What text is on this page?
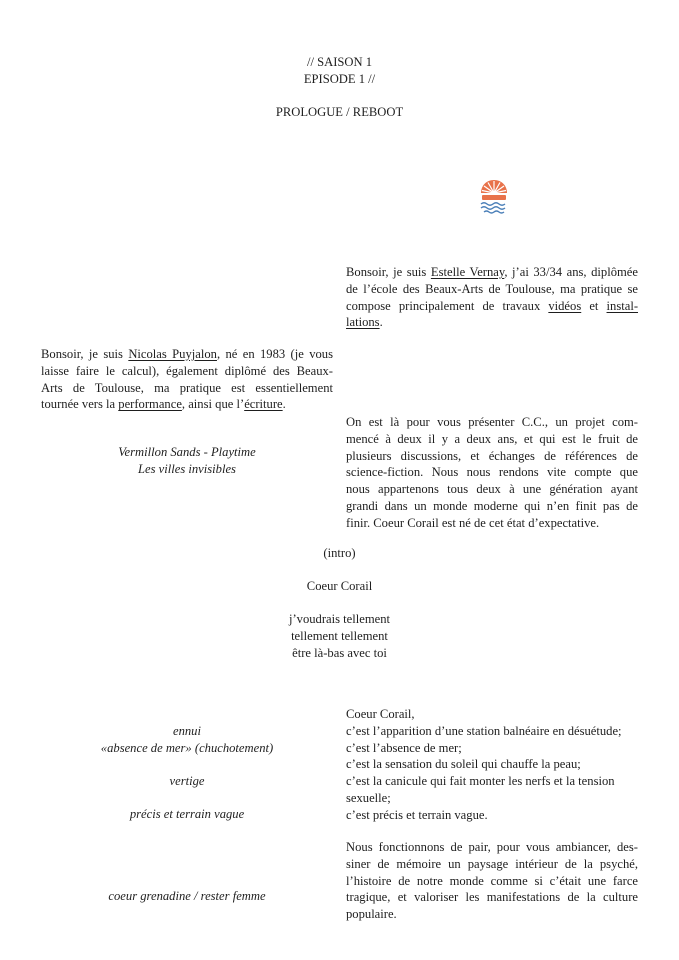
// SAISON 1
EPISODE 1 //
PROLOGUE / REBOOT
Bonsoir, je suis Estelle Vernay, j’ai 33/34 ans, diplômée
de l’école des Beaux-Arts de Toulouse, ma pratique se
compose principalement de travaux vidéos et instal-
lations.
Bonsoir, je suis Nicolas Puyjalon, né en 1983 (je vous
laisse faire le calcul), également diplômé des Beaux-
Arts de Toulouse, ma pratique est essentiellement
tournée vers la performance, ainsi que l’écriture.
Vermillon Sands - Playtime
Les villes invisibles
On est là pour vous présenter C.C., un projet com-
mencé à deux il y a deux ans, et qui est le fruit de
plusieurs discussions, et échanges de références de
science-fiction. Nous nous rendons vite compte que
nous appartenons tous deux à une génération ayant
grandi dans un monde moderne qui n’en finit pas de
finir. Coeur Corail est né de cet état d’expectative.
(intro)
Coeur Corail
j’voudrais tellement
tellement tellement
être là-bas avec toi
ennui
«absence de mer» (chuchotement)
vertige
précis et terrain vague
coeur grenadine / rester femme
Coeur Corail,
c’est l’apparition d’une station balnéaire en désuétude;
c’est l’absence de mer;
c’est la sensation du soleil qui chauffe la peau;
c’est la canicule qui fait monter les nerfs et la tension
sexuelle;
c’est précis et terrain vague.
Nous fonctionnons de pair, pour vous ambiancer, des-
siner de mémoire un paysage intérieur de la psyché,
l’histoire de notre monde comme si c’était une farce
tragique, et valoriser les manifestations de la culture
populaire.
